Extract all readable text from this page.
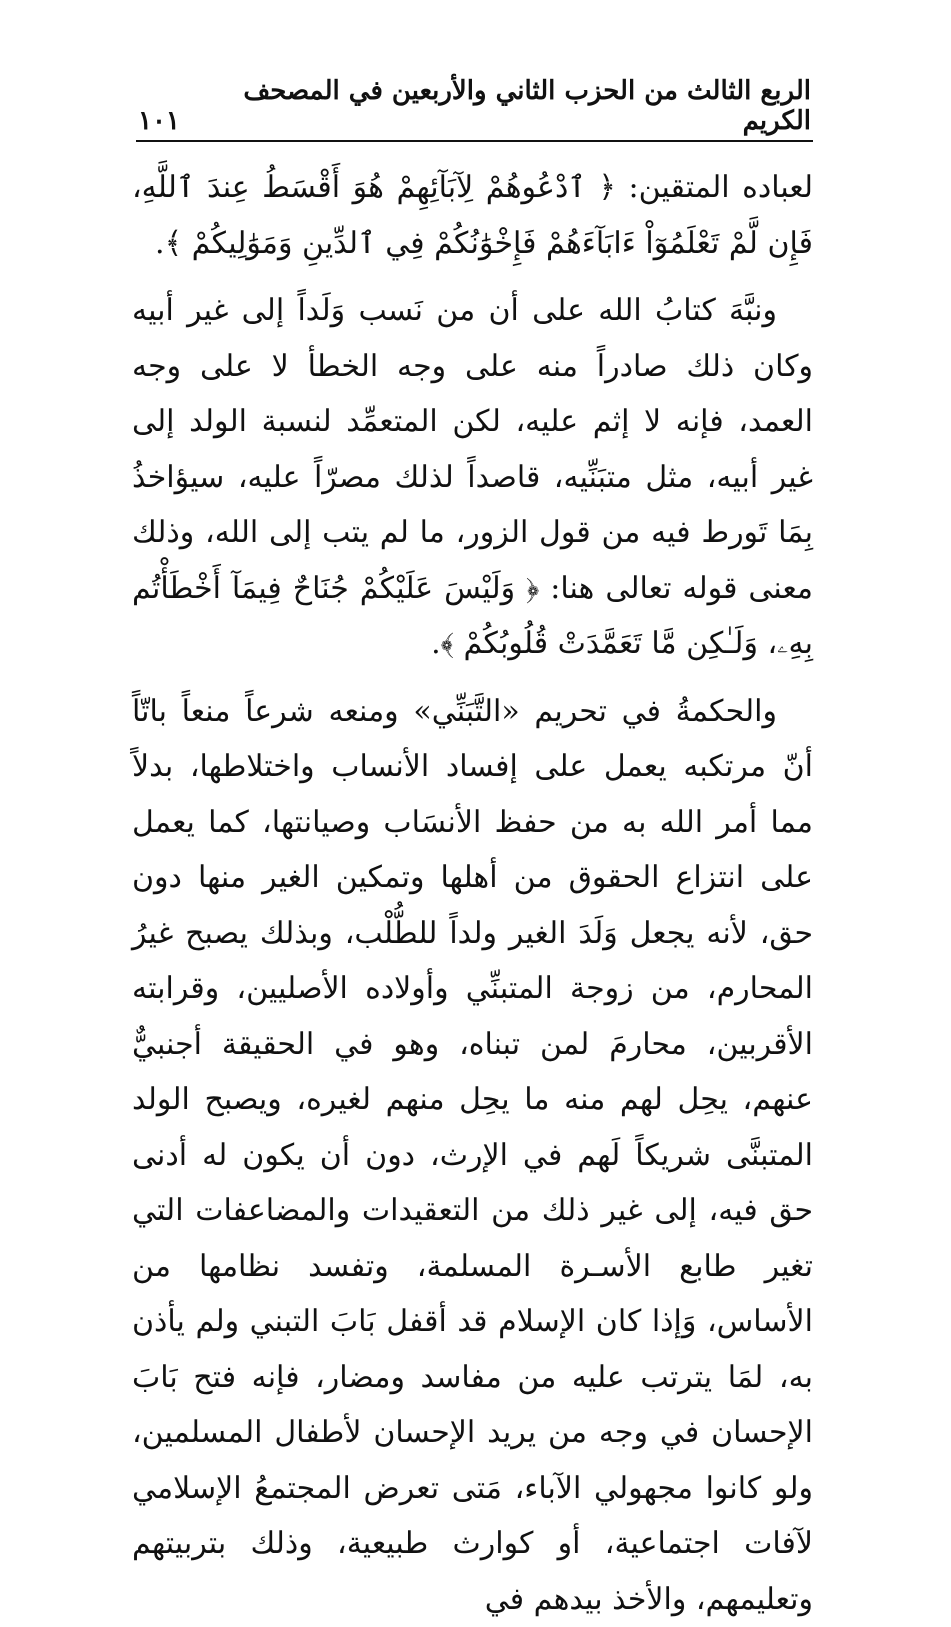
الربع الثالث من الحزب الثاني والأربعين في المصحف الكريم
١٠١

لعباده المتقين: ﴿ ٱدْعُوهُمْ لِآبَآئِهِمْ هُوَ أَقْسَطُ عِندَ ٱللَّهِ، فَإِن لَّمْ تَعْلَمُوٓاْ ءَابَآءَهُمْ فَإِخْوَٰنُكُمْ فِي ٱلدِّينِ وَمَوَٰلِيكُمْ ﴾.

ونبَّهَ كتابُ الله على أن من نَسب وَلَداً إلى غير أبيه وكان ذلك صادراً منه على وجه الخطأ لا على وجه العمد، فإنه لا إثم عليه، لكن المتعمِّد لنسبة الولد إلى غير أبيه، مثل متبَنِّيه، قاصداً لذلك مصرّاً عليه، سيؤاخذُ بِمَا تَورط فيه من قول الزور، ما لم يتب إلى الله، وذلك معنى قوله تعالى هنا: ﴿ وَلَيْسَ عَلَيْكُمْ جُنَاحٌ فِيمَآ أَخْطَأْتُم بِهِۦ، وَلَـٰكِن مَّا تَعَمَّدَتْ قُلُوبُكُمْ ﴾.

والحكمةُ في تحريم «التَّبَنِّي» ومنعه شرعاً منعاً باتّاً أنّ مرتكبه يعمل على إفساد الأنساب واختلاطها، بدلاً مما أمر الله به من حفظ الأنسَاب وصيانتها، كما يعمل على انتزاع الحقوق من أهلها وتمكين الغير منها دون حق، لأنه يجعل وَلَدَ الغير ولداً للطُّلْب، وبذلك يصبح غيرُ المحارم، من زوجة المتبنِّي وأولاده الأصليين، وقرابته الأقربين، محارمَ لمن تبناه، وهو في الحقيقة أجنبيٌّ عنهم، يحِل لهم منه ما يحِل منهم لغيره، ويصبح الولد المتبنَّى شريكاً لَهم في الإرث، دون أن يكون له أدنى حق فيه، إلى غير ذلك من التعقيدات والمضاعفات التي تغير طابع الأسـرة المسلمة، وتفسد نظامها من الأساس، وَإذا كان الإسلام قد أقفل بَابَ التبني ولم يأذن به، لمَا يترتب عليه من مفاسد ومضار، فإنه فتح بَابَ الإحسان في وجه من يريد الإحسان لأطفال المسلمين، ولو كانوا مجهولي الآباء، مَتى تعرض المجتمعُ الإسلامي لآفات اجتماعية، أو كوارث طبيعية، وذلك بتربيتهم وتعليمهم، والأخذ بيدهم في
